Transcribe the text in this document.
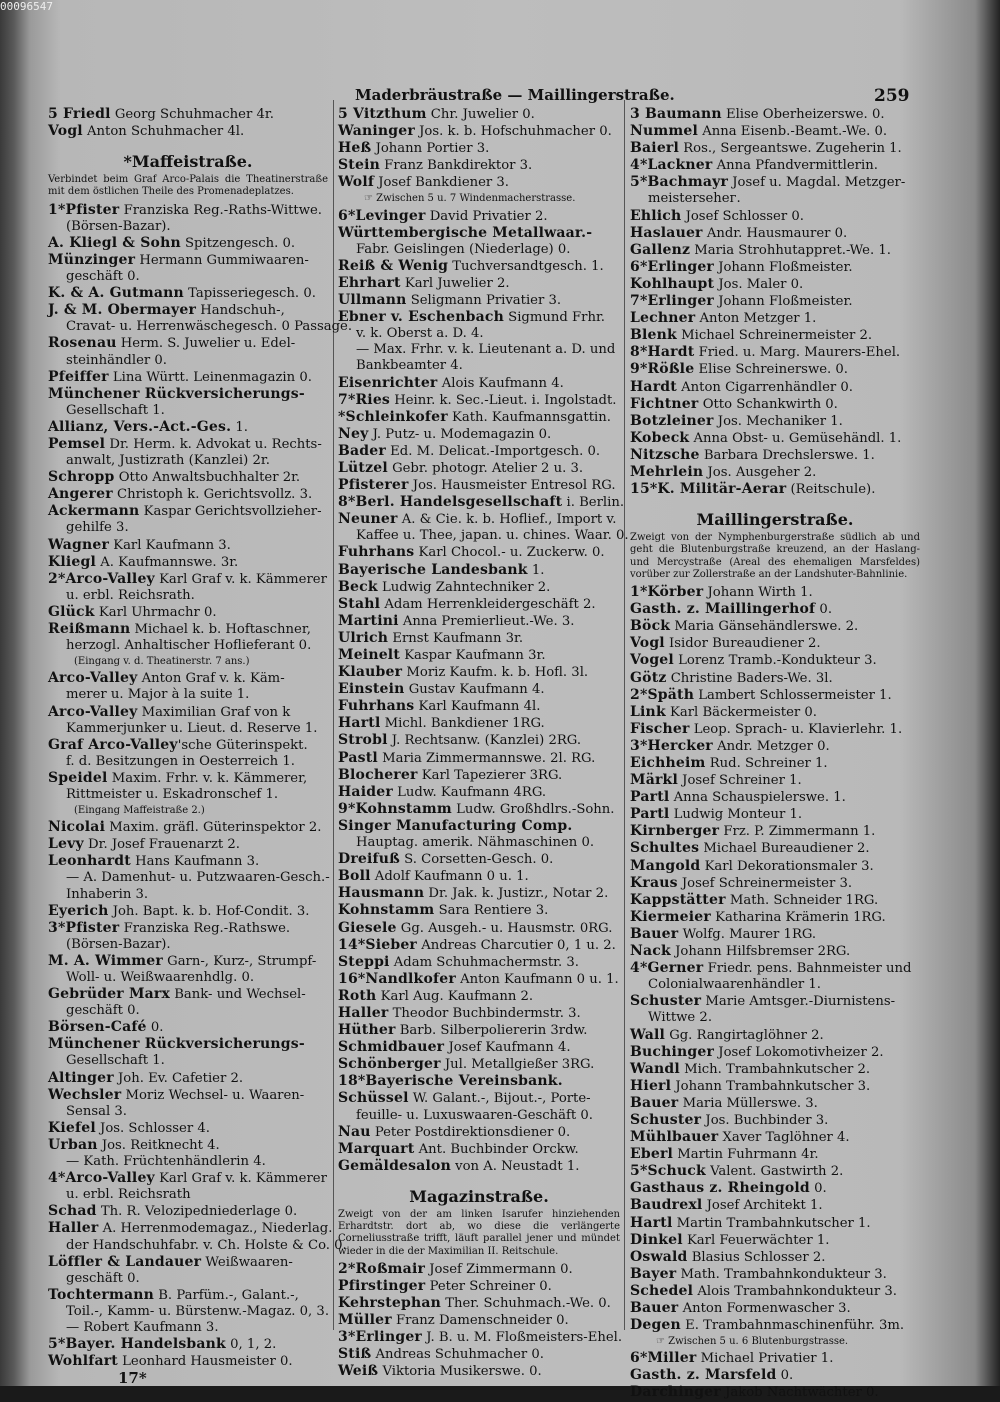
00096547
Maderbräustraße — Maillingerstraße.	259
5 Friedl Georg Schuhmacher 4r.
Vogl Anton Schuhmacher 4l.
*Maffeistraße.
Verbindet beim Graf Arco-Palais die Theatinerstraße mit dem östlichen Theile des Promenadeplatzes.
1*Pfister Franziska Reg.-Raths-Wittwe.
(Börsen-Bazar).
A. Kliegl & Sohn Spitzengesch. 0.
Münzinger Hermann Gummiwaaren-
geschäft 0.
K. & A. Gutmann Tapisseriegesch. 0.
J. & M. Obermayer Handschuh-,
Cravat- u. Herrenwäschegesch. 0 Passage.
Rosenau Herm. S. Juwelier u. Edel-
steinhändler 0.
Pfeiffer Lina Württ. Leinenmagazin 0.
Münchener Rückversicherungs-
Gesellschaft 1.
Allianz, Vers.-Act.-Ges. 1.
Pemsel Dr. Herm. k. Advokat u. Rechts-
anwalt, Justizrath (Kanzlei) 2r.
Schropp Otto Anwaltsbuchhalter 2r.
Angerer Christoph k. Gerichtsvollz. 3.
Ackermann Kaspar Gerichtsvollzieher-
gehilfe 3.
Wagner Karl Kaufmann 3.
Kliegl A. Kaufmannswe. 3r.
2*Arco-Valley Karl Graf v. k. Kämmerer
u. erbl. Reichsrath.
Glück Karl Uhrmachr 0.
Reißmann Michael k. b. Hoftaschner,
herzogl. Anhaltischer Hoflieferant 0.
(Eingang v. d. Theatinerstr. 7 ans.)
Arco-Valley Anton Graf v. k. Käm-
merer u. Major à la suite 1.
Arco-Valley Maximilian Graf von k
Kammerjunker u. Lieut. d. Reserve 1.
Graf Arco-Valley'sche Güterinspekt.
f. d. Besitzungen in Oesterreich 1.
Speidel Maxim. Frhr. v. k. Kämmerer,
Rittmeister u. Eskadronschef 1.
(Eingang Maffeistraße 2.)
Nicolai Maxim. gräfl. Güterinspektor 2.
Levy Dr. Josef Frauenarzt 2.
Leonhardt Hans Kaufmann 3.
— A. Damenhut- u. Putzwaaren-Gesch.-
Inhaberin 3.
Eyerich Joh. Bapt. k. b. Hof-Condit. 3.
3*Pfister Franziska Reg.-Rathswe.
(Börsen-Bazar).
M. A. Wimmer Garn-, Kurz-, Strumpf-
Woll- u. Weißwaarenhdlg. 0.
Gebrüder Marx Bank- und Wechsel-
geschäft 0.
Börsen-Café 0.
Münchener Rückversicherungs-
Gesellschaft 1.
Altinger Joh. Ev. Cafetier 2.
Wechsler Moriz Wechsel- u. Waaren-
Sensal 3.
Kiefel Jos. Schlosser 4.
Urban Jos. Reitknecht 4.
— Kath. Früchtenhändlerin 4.
4*Arco-Valley Karl Graf v. k. Kämmerer
u. erbl. Reichsrath
Schad Th. R. Velozipedniederlage 0.
Haller A. Herrenmodemagaz., Niederlag.
der Handschuhfabr. v. Ch. Holste & Co. 0.
Löffler & Landauer Weißwaaren-
geschäft 0.
Tochtermann B. Parfüm.-, Galant.-,
Toil.-, Kamm- u. Bürstenw.-Magaz. 0, 3.
— Robert Kaufmann 3.
5*Bayer. Handelsbank 0, 1, 2.
Wohlfart Leonhard Hausmeister 0.
17*
5 Vitzthum Chr. Juwelier 0.
Waninger Jos. k. b. Hofschuhmacher 0.
Heß Johann Portier 3.
Stein Franz Bankdirektor 3.
Wolf Josef Bankdiener 3.
☞ Zwischen 5 u. 7 Windenmacherstrasse.
6*Levinger David Privatier 2.
Württembergische Metallwaar.-
Fabr. Geislingen (Niederlage) 0.
Reiß & Wenig Tuchversandtgesch. 1.
Ehrhart Karl Juwelier 2.
Ullmann Seligmann Privatier 3.
Ebner v. Eschenbach Sigmund Frhr.
v. k. Oberst a. D. 4.
— Max. Frhr. v. k. Lieutenant a. D. und
Bankbeamter 4.
Eisenrichter Alois Kaufmann 4.
7*Ries Heinr. k. Sec.-Lieut. i. Ingolstadt.
*Schleinkofer Kath. Kaufmannsgattin.
Ney J. Putz- u. Modemagazin 0.
Bader Ed. M. Delicat.-Importgesch. 0.
Lützel Gebr. photogr. Atelier 2 u. 3.
Pfisterer Jos. Hausmeister Entresol RG.
8*Berl. Handelsgesellschaft i. Berlin.
Neuner A. & Cie. k. b. Hoflief., Import v.
Kaffee u. Thee, japan. u. chines. Waar. 0.
Fuhrhans Karl Chocol.- u. Zuckerw. 0.
Bayerische Landesbank 1.
Beck Ludwig Zahntechniker 2.
Stahl Adam Herrenkleidergeschäft 2.
Martini Anna Premierlieut.-We. 3.
Ulrich Ernst Kaufmann 3r.
Meinelt Kaspar Kaufmann 3r.
Klauber Moriz Kaufm. k. b. Hofl. 3l.
Einstein Gustav Kaufmann 4.
Fuhrhans Karl Kaufmann 4l.
Hartl Michl. Bankdiener 1RG.
Strobl J. Rechtsanw. (Kanzlei) 2RG.
Pastl Maria Zimmermannswe. 2l. RG.
Blocherer Karl Tapezierer 3RG.
Haider Ludw. Kaufmann 4RG.
9*Kohnstamm Ludw. Großhdlrs.-Sohn.
Singer Manufacturing Comp.
Hauptag. amerik. Nähmaschinen 0.
Dreifuß S. Corsetten-Gesch. 0.
Boll Adolf Kaufmann 0 u. 1.
Hausmann Dr. Jak. k. Justizr., Notar 2.
Kohnstamm Sara Rentiere 3.
Giesele Gg. Ausgeh.- u. Hausmstr. 0RG.
14*Sieber Andreas Charcutier 0, 1 u. 2.
Steppi Adam Schuhmachermstr. 3.
16*Nandlkofer Anton Kaufmann 0 u. 1.
Roth Karl Aug. Kaufmann 2.
Haller Theodor Buchbindermstr. 3.
Hüther Barb. Silberpoliererin 3rdw.
Schmidbauer Josef Kaufmann 4.
Schönberger Jul. Metallgießer 3RG.
18*Bayerische Vereinsbank.
Schüssel W. Galant.-, Bijout.-, Porte-
feuille- u. Luxuswaaren-Geschäft 0.
Nau Peter Postdirektionsdiener 0.
Marquart Ant. Buchbinder Orckw.
Gemäldesalon von A. Neustadt 1.
Magazinstraße.
Zweigt von der am linken Isarufer hinziehenden Erhardtstr. dort ab, wo diese die verlängerte Corneliusstraße trifft, läuft parallel jener und mündet wieder in die der Maximilian II. Reitschule.
2*Roßmair Josef Zimmermann 0.
Pfirstinger Peter Schreiner 0.
Kehrstephan Ther. Schuhmach.-We. 0.
Müller Franz Damenschneider 0.
3*Erlinger J. B. u. M. Floßmeisters-Ehel.
Stiß Andreas Schuhmacher 0.
Weiß Viktoria Musikerswe. 0.
3 Baumann Elise Oberheizerswe. 0.
Nummel Anna Eisenb.-Beamt.-We. 0.
Baierl Ros., Sergeantswe. Zugeherin 1.
4*Lackner Anna Pfandvermittlerin.
5*Bachmayr Josef u. Magdal. Metzger-
meistersehег.
Ehlich Josef Schlosser 0.
Haslauer Andr. Hausmaurer 0.
Gallenz Maria Strohhutappret.-We. 1.
6*Erlinger Johann Floßmeister.
Kohlhaupt Jos. Maler 0.
7*Erlinger Johann Floßmeister.
Lechner Anton Metzger 1.
Blenk Michael Schreinermeister 2.
8*Hardt Fried. u. Marg. Maurers-Ehel.
9*Rößle Elise Schreinerswe. 0.
Hardt Anton Cigarrenhändler 0.
Fichtner Otto Schankwirth 0.
Botzleiner Jos. Mechaniker 1.
Kobeck Anna Obst- u. Gemüsehändl. 1.
Nitzsche Barbara Drechslerswe. 1.
Mehrlein Jos. Ausgeher 2.
15*K. Militär-Aerar (Reitschule).
Maillingerstraße.
Zweigt von der Nymphenburgerstraße südlich ab und geht die Blutenburgstraße kreuzend, an der Haslang- und Mercystraße (Areal des ehemaligen Marsfeldes) vorüber zur Zollerstraße an der Landshuter-Bahnlinie.
1*Körber Johann Wirth 1.
Gasth. z. Maillingerhof 0.
Böck Maria Gänsehändlerswe. 2.
Vogl Isidor Bureaudiener 2.
Vogel Lorenz Tramb.-Kondukteur 3.
Götz Christine Baders-We. 3l.
2*Späth Lambert Schlossermeister 1.
Link Karl Bäckermeister 0.
Fischer Leop. Sprach- u. Klavierlehr. 1.
3*Hercker Andr. Metzger 0.
Eichheim Rud. Schreiner 1.
Märkl Josef Schreiner 1.
Partl Anna Schauspielerswe. 1.
Partl Ludwig Monteur 1.
Kirnberger Frz. P. Zimmermann 1.
Schultes Michael Bureaudiener 2.
Mangold Karl Dekorationsmaler 3.
Kraus Josef Schreinermeister 3.
Kappstätter Math. Schneider 1RG.
Kiermeier Katharina Krämerin 1RG.
Bauer Wolfg. Maurer 1RG.
Nack Johann Hilfsbremser 2RG.
4*Gerner Friedr. pens. Bahnmeister und
Colonialwaarenhändler 1.
Schuster Marie Amtsger.-Diurnistens-
Wittwe 2.
Wall Gg. Rangirtaglöhner 2.
Buchinger Josef Lokomotivheizer 2.
Wandl Mich. Trambahnkutscher 2.
Hierl Johann Trambahnkutscher 3.
Bauer Maria Müllerswe. 3.
Schuster Jos. Buchbinder 3.
Mühlbauer Xaver Taglöhner 4.
Eberl Martin Fuhrmann 4r.
5*Schuck Valent. Gastwirth 2.
Gasthaus z. Rheingold 0.
Baudrexl Josef Architekt 1.
Hartl Martin Trambahnkutscher 1.
Dinkel Karl Feuerwächter 1.
Oswald Blasius Schlosser 2.
Bayer Math. Trambahnkondukteur 3.
Schedel Alois Trambahnkondukteur 3.
Bauer Anton Formenwascher 3.
Degen E. Trambahnmaschinenführ. 3m.
☞ Zwischen 5 u. 6 Blutenburgstrasse.
6*Miller Michael Privatier 1.
Gasth. z. Marsfeld 0.
Darchinger Jakob Nachtwächter 0.
